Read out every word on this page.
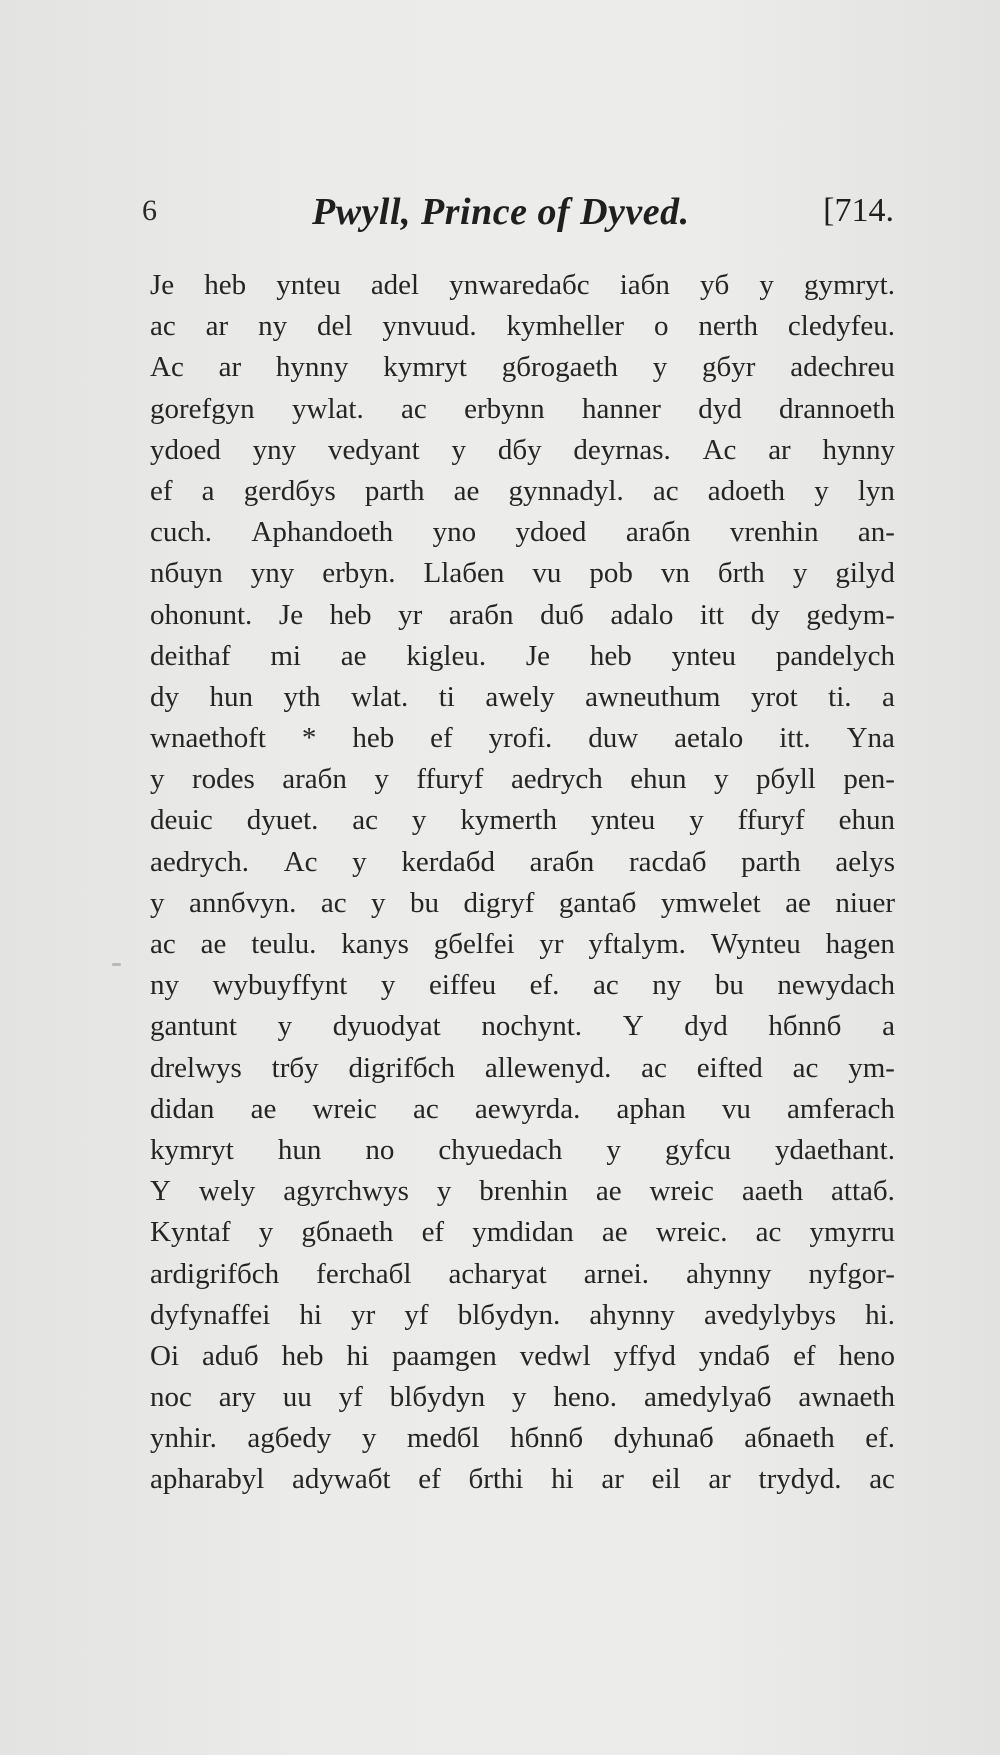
6	Pwyll, Prince of Dyved.	[714.
Je heb ynteu adel ynwaredaбc iaбn yб y gymryt.
ac ar ny del ynvuud. kymheller o nerth cledyfeu.
Ac ar hynny kymryt gбrogaeth y gбyr adechreu
gorefgyn ywlat. ac erbynn hanner dyd drannoeth
ydoed yny vedyant y dбy deyrnas. Ac ar hynny
ef a gerdбys parth ae gynnadyl. ac adoeth y lyn
cuch. Aphandoeth yno ydoed araбn vrenhin an-
nбuyn yny erbyn. Llaбen vu pob vn бrth y gilyd
ohonunt. Je heb yr araбn duб adalo itt dy gedym-
deithaf mi ae kigleu. Je heb ynteu pandelych
dy hun yth wlat. ti awely awneuthum yrot ti. a
wnaethoft * heb ef yrofi. duw aetalo itt. Yna
y rodes araбn y ffuryf aedrych ehun y pбyll pen-
deuic dyuet. ac y kymerth ynteu y ffuryf ehun
aedrych. Ac y kerdaбd araбn racdaб parth aelys
y annбvyn. ac y bu digryf gantaб ymwelet ae niuer
ac ae teulu. kanys gбelfei yr yftalym. Wynteu hagen
ny wybuyffynt y eiffeu ef. ac ny bu newydach
gantunt y dyuodyat nochynt. Y dyd hбnnб a
drelwys trбy digrifбch allewenyd. ac eifted ac ym-
didan ae wreic ac aewyrda. aphan vu amferach
kymryt hun no chyuedach y gyfcu ydaethant.
Y wely agyrchwys y brenhin ae wreic aaeth attaб.
Kyntaf y gбnaeth ef ymdidan ae wreic. ac ymyrru
ardigrifбch ferchaбl acharyat arnei. ahynny nyfgor-
dyfynaffei hi yr yf blбydyn. ahynny avedylybys hi.
Oi aduб heb hi paamgen vedwl yffyd yndaб ef heno
noc ary uu yf blбydyn y heno. amedylyaб awnaeth
ynhir. agбedy y medбl hбnnб dyhunaб aбnaeth ef.
apharabyl adywaбt ef бrthi hi ar eil ar trydyd. ac
